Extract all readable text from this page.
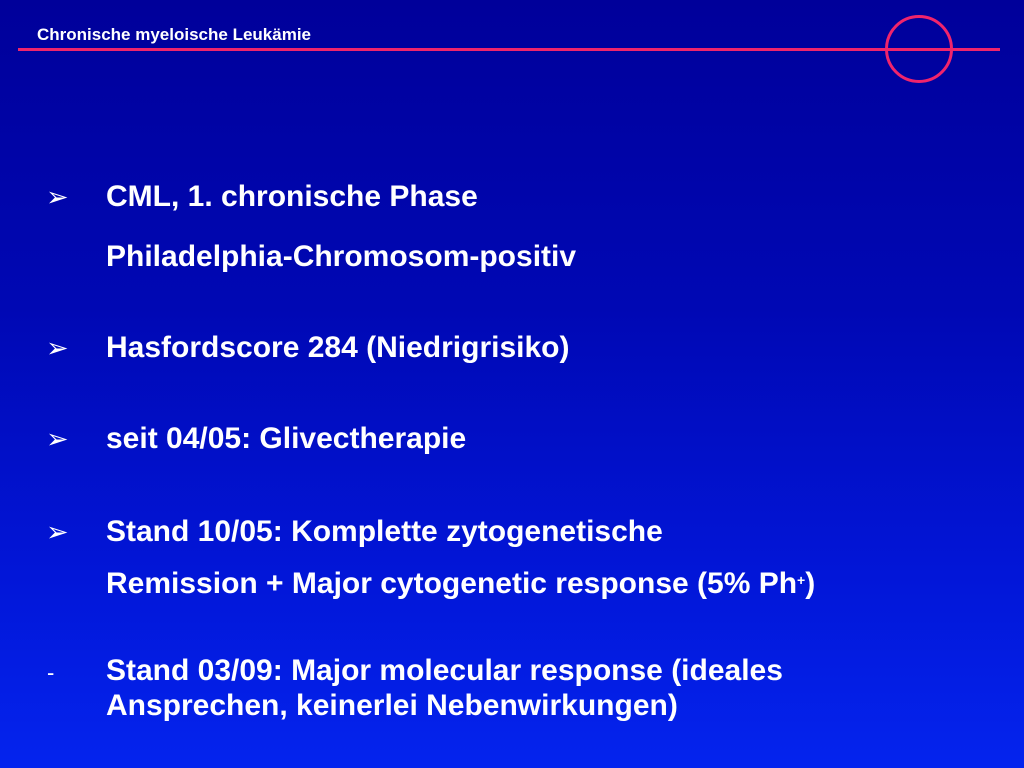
Chronische myeloische Leukämie
➢ CML, 1. chronische Phase
Philadelphia-Chromosom-positiv
➢ Hasfordscore 284 (Niedrigrisiko)
➢ seit 04/05: Glivectherapie
➢ Stand 10/05: Komplette zytogenetische
Remission + Major cytogenetic response (5% Ph+)
- Stand 03/09: Major molecular response (ideales
Ansprechen, keinerlei Nebenwirkungen)
